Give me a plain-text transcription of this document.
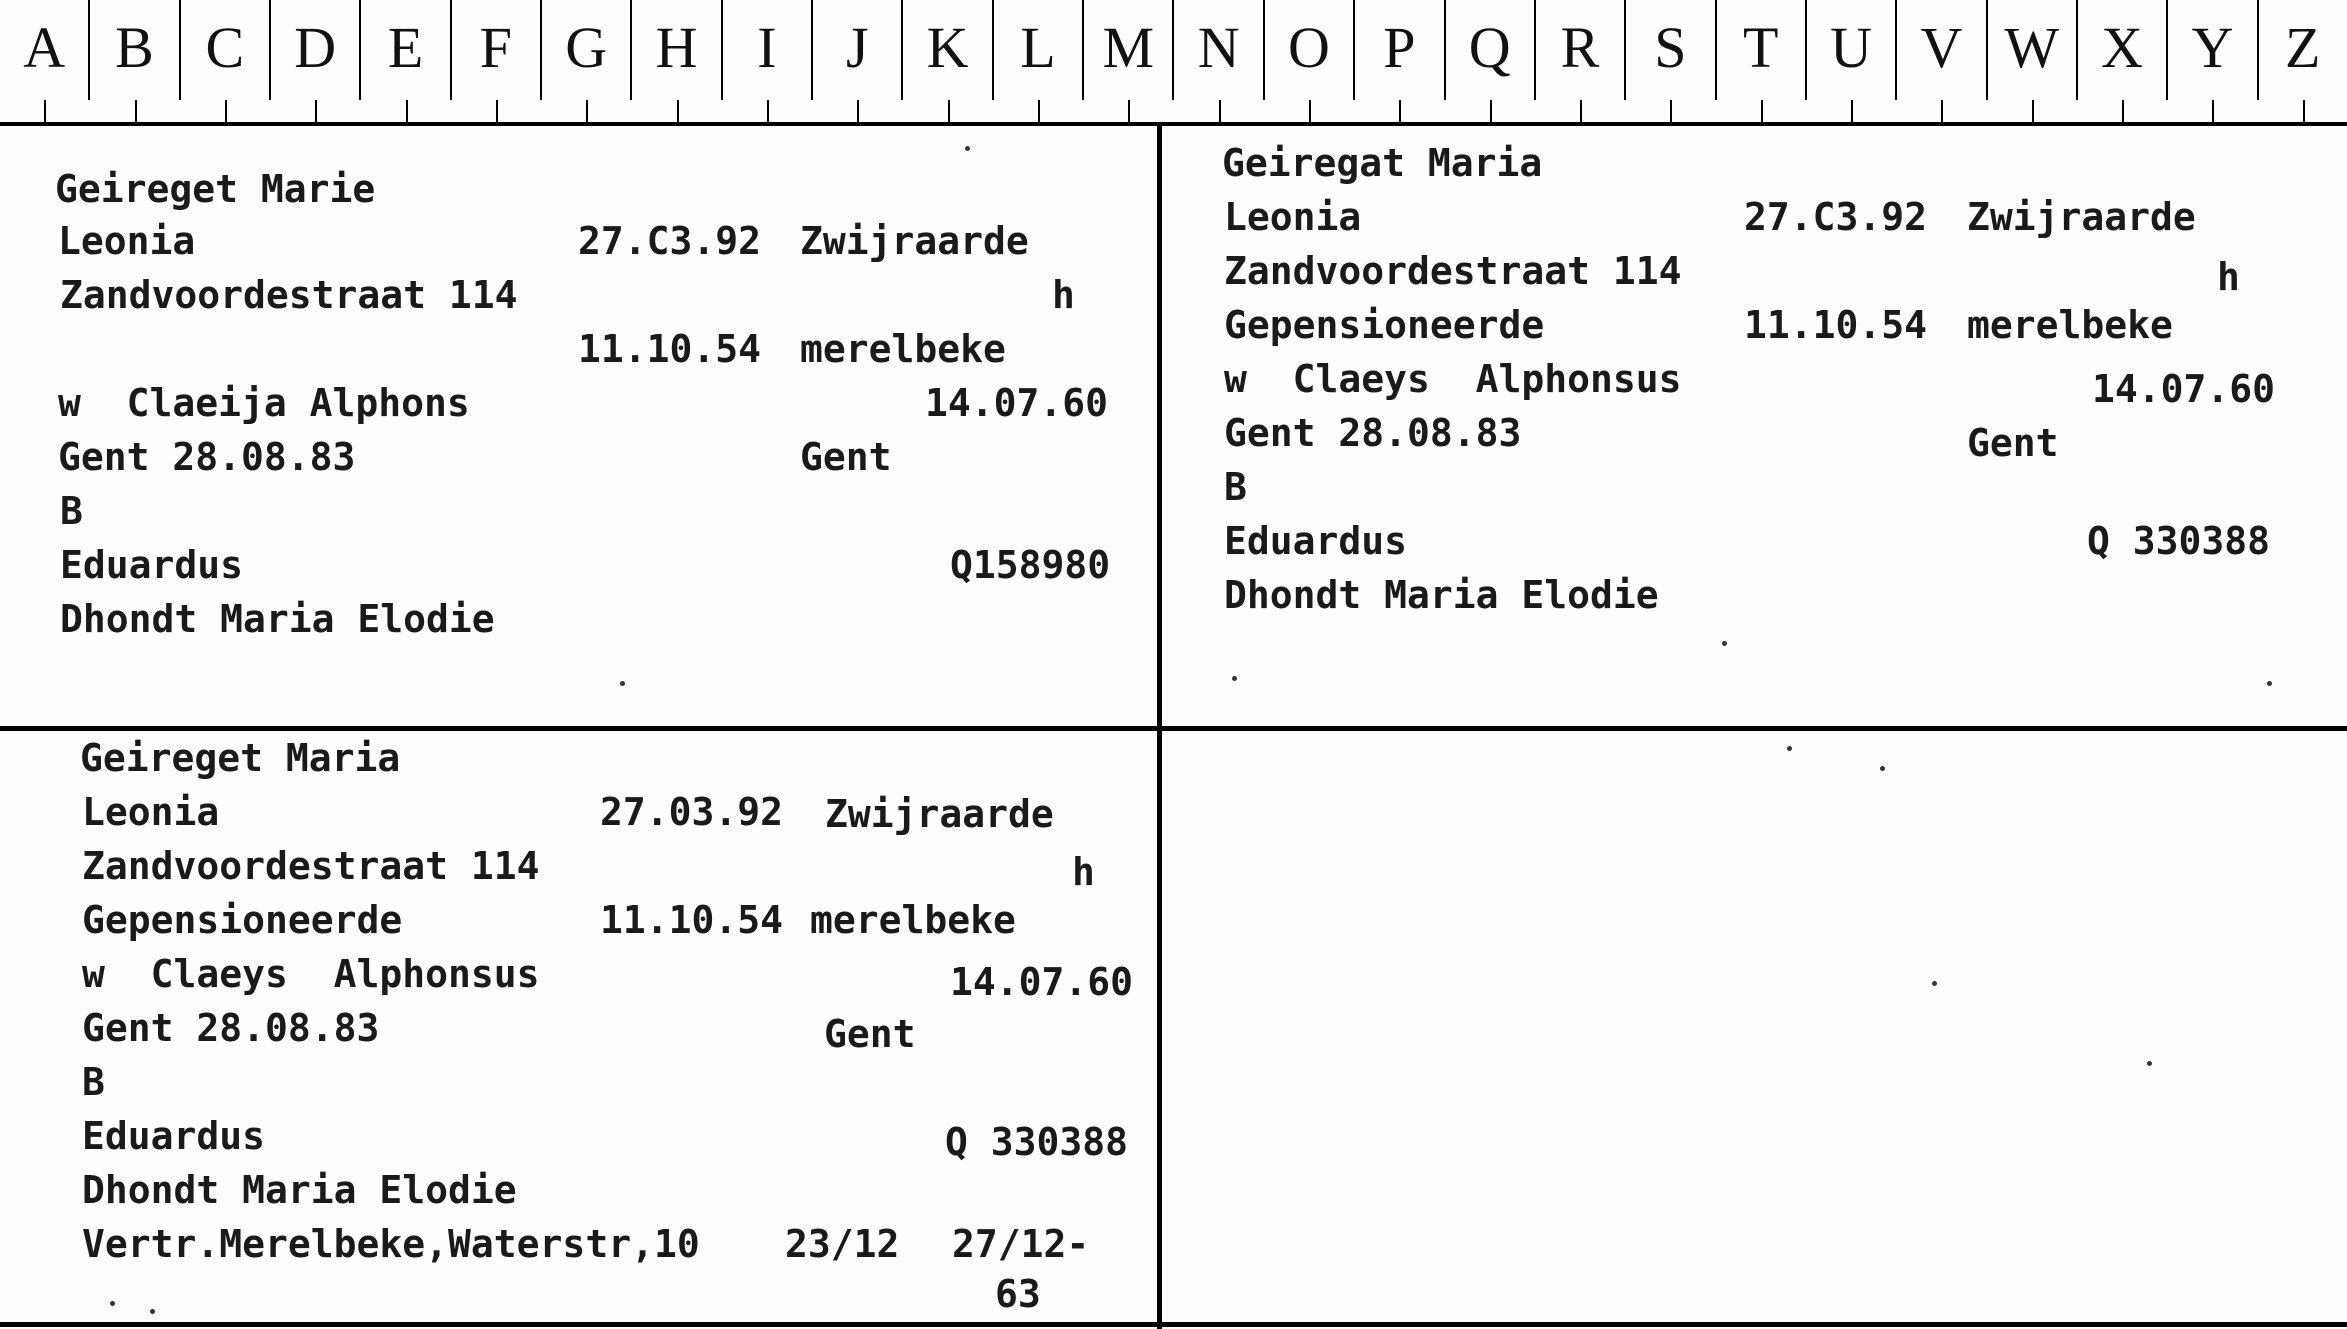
A B C D E F G H	I	J	K L M N O P Q R S T U V W X Y Z
Geireget Marie
Leonia	27.C3.92 Zwijraarde
Zandvoordestraat 114	h
11.10.54 merelbeke
w  Claeija Alphons	14.07.60
Gent 28.08.83	Gent
B
Eduardus	Q158980
Dhondt Maria Elodie
Geiregat Maria
Leonia	27.C3.92 Zwijraarde
Zandvoordestraat 114	h
Gepensioneerde	11.10.54 merelbeke
w  Claeys  Alphonsus	14.07.60
Gent 28.08.83	Gent
B
Eduardus	Q 330388
Dhondt Maria Elodie
Geireget Maria
Leonia	27.03.92 Zwijraarde
Zandvoordestraat 114	h
Gepensioneerde	11.10.54 merelbeke
w  Claeys  Alphonsus	14.07.60
Gent 28.08.83	Gent
B
Eduardus	Q 330388
Dhondt Maria Elodie
Vertr.Merelbeke,Waterstr,10 23/12 27/12-
63
